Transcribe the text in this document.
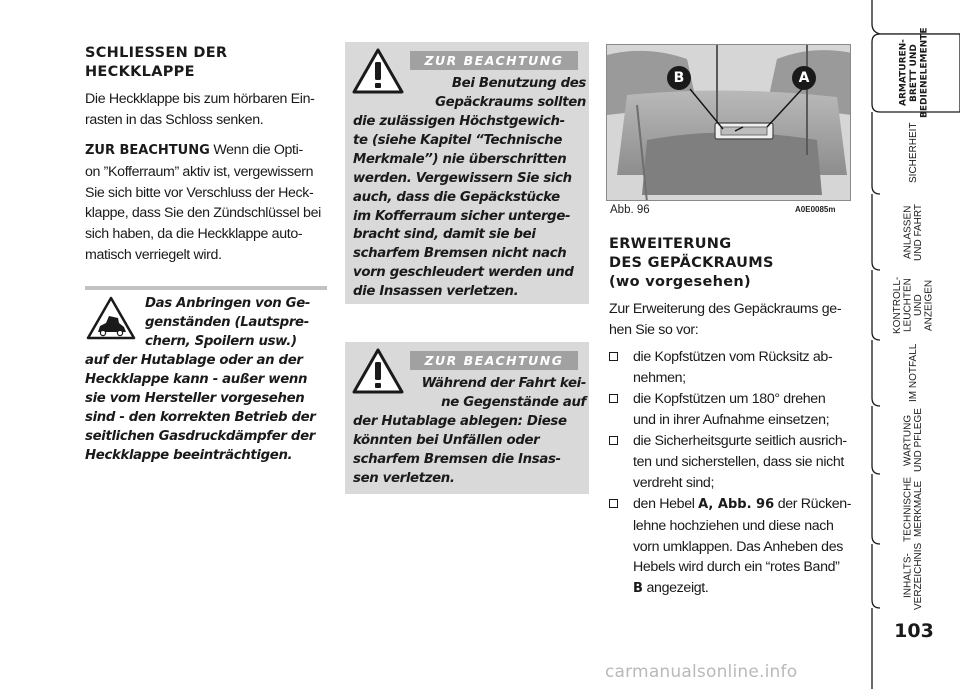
SCHLIESSEN DER
HECKKLAPPE
Die Heckklappe bis zum hörbaren Ein-
rasten in das Schloss senken.
ZUR BEACHTUNG Wenn die Opti-
on ”Kofferraum” aktiv ist, vergewissern
Sie sich bitte vor Verschluss der Heck-
klappe, dass Sie den Zündschlüssel bei
sich haben, da die Heckklappe auto-
matisch verriegelt wird.
Das Anbringen von Ge-
genständen (Lautspre-
chern, Spoilern usw.)
auf der Hutablage oder an der
Heckklappe kann - außer wenn
sie vom Hersteller vorgesehen
sind - den korrekten Betrieb der
seitlichen Gasdruckdämpfer der
Heckklappe beeinträchtigen.
ZUR BEACHTUNG
Bei Benutzung des
Gepäckraums sollten
die zulässigen Höchstgewich-
te (siehe Kapitel “Technische
Merkmale”) nie überschritten
werden. Vergewissern Sie sich
auch, dass die Gepäckstücke
im Kofferraum sicher unterge-
bracht sind, damit sie bei
scharfem Bremsen nicht nach
vorn geschleudert werden und
die Insassen verletzen.
ZUR BEACHTUNG
Während der Fahrt kei-
ne Gegenstände auf
der Hutablage ablegen: Diese
könnten bei Unfällen oder
scharfem Bremsen die Insas-
sen verletzen.
B	A
Abb. 96	A0E0085m
ERWEITERUNG
DES GEPÄCKRAUMS
(wo vorgesehen)
Zur Erweiterung des Gepäckraums ge-
hen Sie so vor:
die Kopfstützen vom Rücksitz ab-
nehmen;
die Kopfstützen um 180° drehen
und in ihrer Aufnahme einsetzen;
die Sicherheitsgurte seitlich ausrich-
ten und sicherstellen, dass sie nicht
verdreht sind;
den Hebel A, Abb. 96 der Rücken-
lehne hochziehen und diese nach
vorn umklappen. Das Anheben des
Hebels wird durch ein “rotes Band”
B angezeigt.
ARMATUREN-
BRETT UND
BEDIENELEMENTE
SICHERHEIT
ANLASSEN
UND FAHRT
KONTROLL-
LEUCHTEN
UND ANZEIGEN
IM NOTFALL
WARTUNG
UND PFLEGE
TECHNISCHE
MERKMALE
INHALTS-
VERZEICHNIS
103
carmanualsonline.info
